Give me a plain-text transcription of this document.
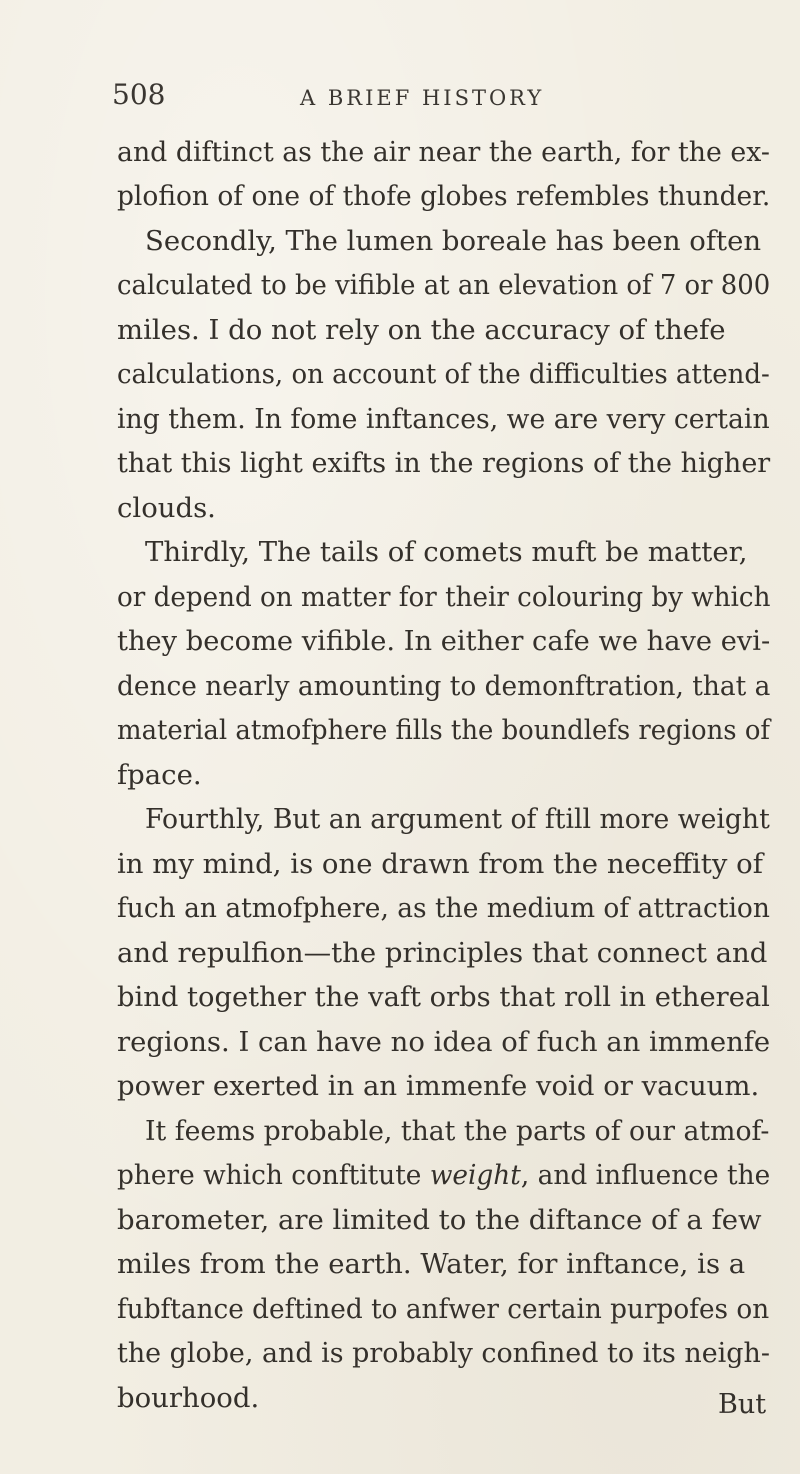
508	A BRIEF HISTORY
and diftinct as the air near the earth, for the ex-
plofion of one of thofe globes refembles thunder.
Secondly, The lumen boreale has been often
calculated to be vifible at an elevation of 7 or 800
miles. I do not rely on the accuracy of thefe
calculations, on account of the difficulties attend-
ing them. In fome inftances, we are very certain
that this light exifts in the regions of the higher
clouds.
Thirdly, The tails of comets muft be matter,
or depend on matter for their colouring by which
they become vifible. In either cafe we have evi-
dence nearly amounting to demonftration, that a
material atmofphere fills the boundlefs regions of
fpace.
Fourthly, But an argument of ftill more weight
in my mind, is one drawn from the neceffity of
fuch an atmofphere, as the medium of attraction
and repulfion—the principles that connect and
bind together the vaft orbs that roll in ethereal
regions. I can have no idea of fuch an immenfe
power exerted in an immenfe void or vacuum.
It feems probable, that the parts of our atmof-
phere which conftitute weight, and influence the
barometer, are limited to the diftance of a few
miles from the earth. Water, for inftance, is a
fubftance deftined to anfwer certain purpofes on
the globe, and is probably confined to its neigh-
bourhood.	But
